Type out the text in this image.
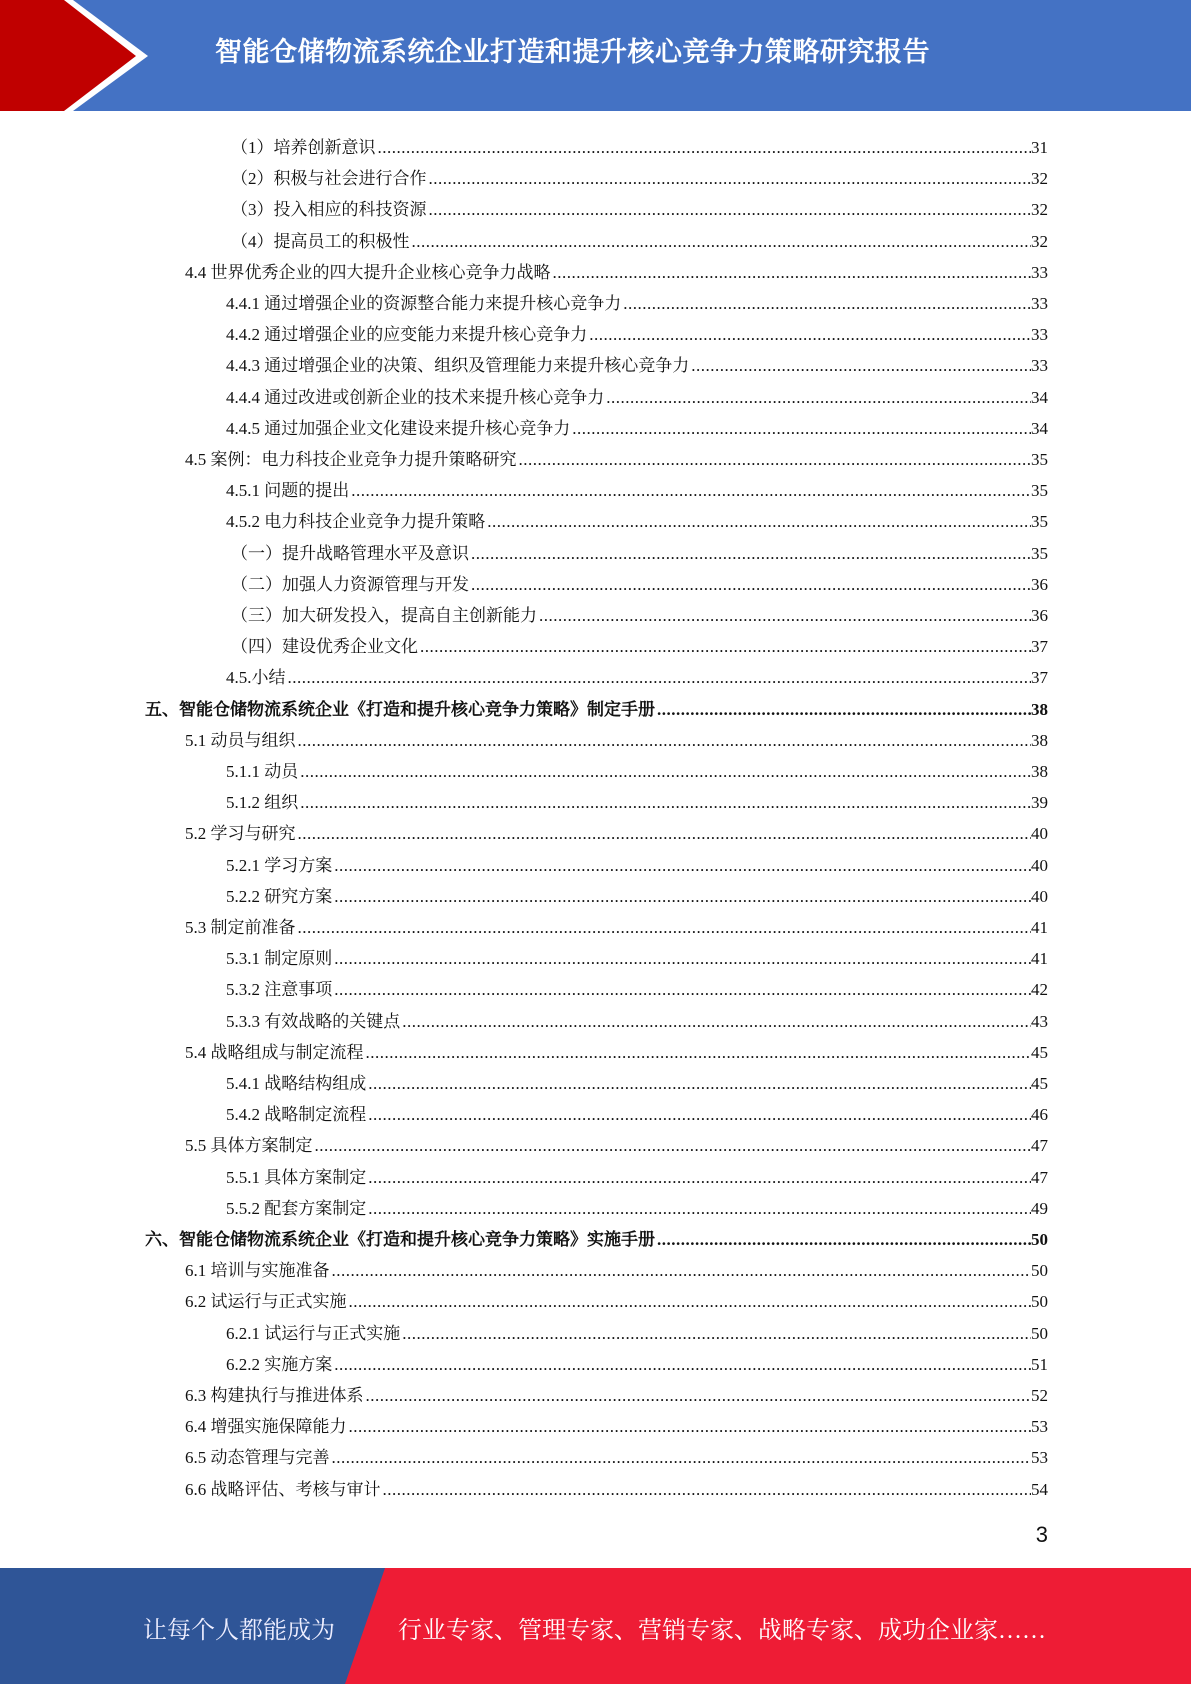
智能仓储物流系统企业打造和提升核心竞争力策略研究报告
（1）培养创新意识 .....	31
（2）积极与社会进行合作 .....	32
（3）投入相应的科技资源 .....	32
（4）提高员工的积极性 .....	32
4.4 世界优秀企业的四大提升企业核心竞争力战略 .....	33
4.4.1 通过增强企业的资源整合能力来提升核心竞争力 .....	33
4.4.2 通过增强企业的应变能力来提升核心竞争力 .....	33
4.4.3 通过增强企业的决策、组织及管理能力来提升核心竞争力 .....	33
4.4.4 通过改进或创新企业的技术来提升核心竞争力 .....	34
4.4.5 通过加强企业文化建设来提升核心竞争力 .....	34
4.5 案例：电力科技企业竞争力提升策略研究 .....	35
4.5.1 问题的提出 .....	35
4.5.2 电力科技企业竞争力提升策略 .....	35
（一）提升战略管理水平及意识 .....	35
（二）加强人力资源管理与开发 .....	36
（三）加大研发投入，提高自主创新能力 .....	36
（四）建设优秀企业文化 .....	37
4.5.小结 .....	37
五、智能仓储物流系统企业《打造和提升核心竞争力策略》制定手册 .....	38
5.1 动员与组织 .....	38
5.1.1 动员 .....	38
5.1.2 组织 .....	39
5.2 学习与研究 .....	40
5.2.1 学习方案 .....	40
5.2.2 研究方案 .....	40
5.3 制定前准备 .....	41
5.3.1 制定原则 .....	41
5.3.2 注意事项 .....	42
5.3.3 有效战略的关键点 .....	43
5.4 战略组成与制定流程 .....	45
5.4.1 战略结构组成 .....	45
5.4.2 战略制定流程 .....	46
5.5 具体方案制定 .....	47
5.5.1 具体方案制定 .....	47
5.5.2 配套方案制定 .....	49
六、智能仓储物流系统企业《打造和提升核心竞争力策略》实施手册 .....	50
6.1 培训与实施准备 .....	50
6.2 试运行与正式实施 .....	50
6.2.1 试运行与正式实施 .....	50
6.2.2 实施方案 .....	51
6.3 构建执行与推进体系 .....	52
6.4 增强实施保障能力 .....	53
6.5 动态管理与完善 .....	53
6.6 战略评估、考核与审计 .....	54
3
让每个人都能成为	行业专家、管理专家、营销专家、战略专家、成功企业家……
